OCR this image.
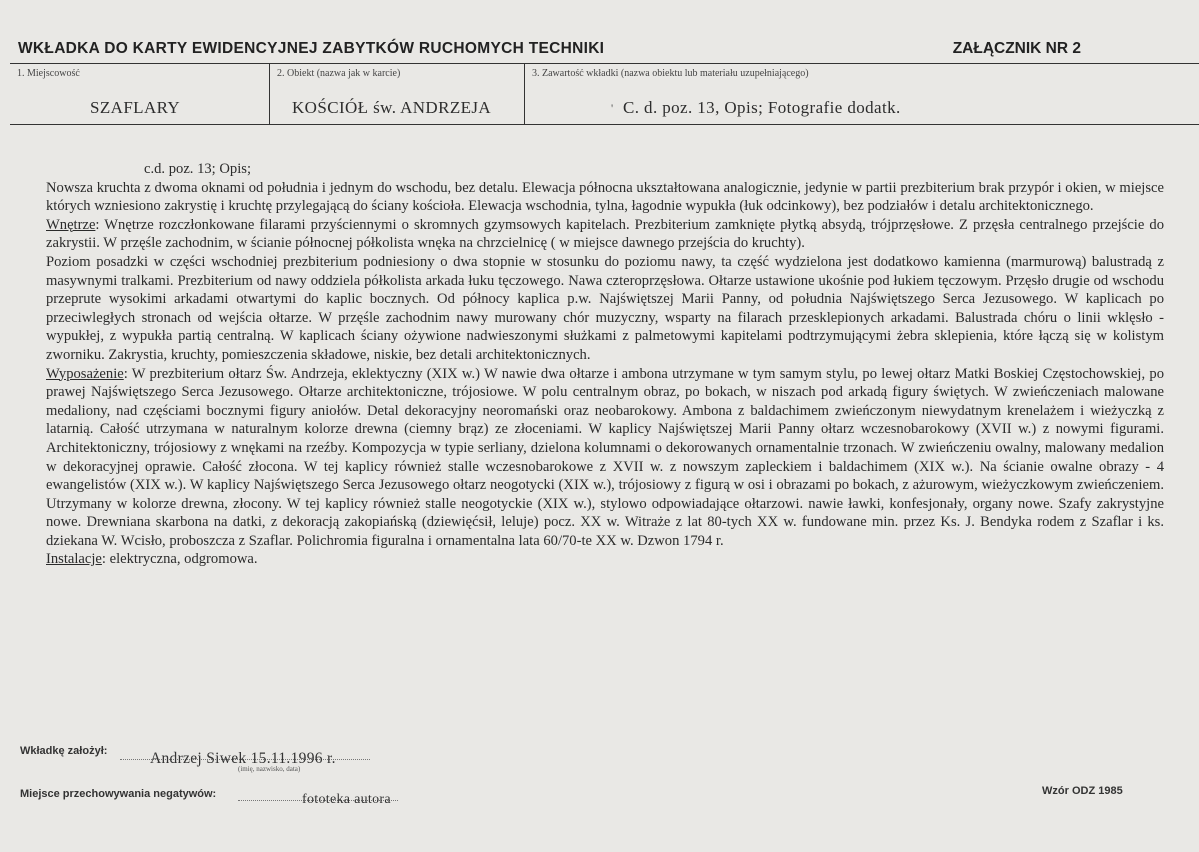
WKŁADKA DO KARTY EWIDENCYJNEJ ZABYTKÓW RUCHOMYCH TECHNIKI	ZAŁĄCZNIK NR 2
1. Miejscowość
SZAFLARY
2. Obiekt (nazwa jak w karcie)
KOŚCIÓŁ św. ANDRZEJA
3. Zawartość wkładki (nazwa obiektu lub materiału uzupełniającego)
' C. d. poz. 13, Opis; Fotografie dodatk.
c.d. poz. 13; Opis;
Nowsza kruchta z dwoma oknami od południa i jednym do wschodu, bez detalu. Elewacja północna ukształtowana analogicznie, jedynie w partii prezbiterium brak przypór i okien, w miejsce których wzniesiono zakrystię i kruchtę przylegającą do ściany kościoła. Elewacja wschodnia, tylna, łagodnie wypukła (łuk odcinkowy), bez podziałów i detalu architektonicznego.
Wnętrze: Wnętrze rozczłonkowane filarami przyściennymi o skromnych gzymsowych kapitelach. Prezbiterium zamknięte płytką absydą, trójprzęsłowe. Z przęsła centralnego przejście do zakrystii. W przęśle zachodnim, w ścianie północnej półkolista wnęka na chrzcielnicę ( w miejsce dawnego przejścia do kruchty).
Poziom posadzki w części wschodniej prezbiterium podniesiony o dwa stopnie w stosunku do poziomu nawy, ta część wydzielona jest dodatkowo kamienna (marmurową) balustradą z masywnymi tralkami. Prezbiterium od nawy oddziela półkolista arkada łuku tęczowego. Nawa czteroprzęsłowa. Ołtarze ustawione ukośnie pod łukiem tęczowym. Przęsło drugie od wschodu przeprute wysokimi arkadami otwartymi do kaplic bocznych. Od północy kaplica p.w. Najświętszej Marii Panny, od południa Najświętszego Serca Jezusowego. W kaplicach po przeciwległych stronach od wejścia ołtarze. W przęśle zachodnim nawy murowany chór muzyczny, wsparty na filarach przesklepionych arkadami. Balustrada chóru o linii wklęsło - wypukłej, z wypukła partią centralną. W kaplicach ściany ożywione nadwieszonymi służkami z palmetowymi kapitelami podtrzymującymi żebra sklepienia, które łączą się w kolistym zworniku. Zakrystia, kruchty, pomieszczenia składowe, niskie, bez detali architektonicznych.
Wyposażenie: W prezbiterium ołtarz Św. Andrzeja, eklektyczny (XIX w.) W nawie dwa ołtarze i ambona utrzymane w tym samym stylu, po lewej ołtarz Matki Boskiej Częstochowskiej, po prawej Najświętszego Serca Jezusowego. Ołtarze architektoniczne, trójosiowe. W polu centralnym obraz, po bokach, w niszach pod arkadą figury świętych. W zwieńczeniach malowane medaliony, nad częściami bocznymi figury aniołów. Detal dekoracyjny neoromański oraz neobarokowy. Ambona z baldachimem zwieńczonym niewydatnym krenelażem i wieżyczką z latarnią. Całość utrzymana w naturalnym kolorze drewna (ciemny brąz) ze złoceniami. W kaplicy Najświętszej Marii Panny ołtarz wczesnobarokowy (XVII w.) z nowymi figurami. Architektoniczny, trójosiowy z wnękami na rzeźby. Kompozycja w typie serliany, dzielona kolumnami o dekorowanych ornamentalnie trzonach. W zwieńczeniu owalny, malowany medalion w dekoracyjnej oprawie. Całość złocona. W tej kaplicy również stalle wczesnobarokowe z XVII w. z nowszym zapleckiem i baldachimem (XIX w.). Na ścianie owalne obrazy - 4 ewangelistów (XIX w.). W kaplicy Najświętszego Serca Jezusowego ołtarz neogotycki (XIX w.), trójosiowy z figurą w osi i obrazami po bokach, z ażurowym, wieżyczkowym zwieńczeniem. Utrzymany w kolorze drewna, złocony. W tej kaplicy również stalle neogotyckie (XIX w.), stylowo odpowiadające ołtarzowi. nawie ławki, konfesjonały, organy nowe. Szafy zakrystyjne nowe. Drewniana skarbona na datki, z dekoracją zakopiańską (dziewięćsił, leluje) pocz. XX w. Witraże z lat 80-tych XX w. fundowane min. przez Ks. J. Bendyka rodem z Szaflar i ks. dziekana W. Wcisło, proboszcza z Szaflar. Polichromia figuralna i ornamentalna lata 60/70-te XX w. Dzwon 1794 r.
Instalacje: elektryczna, odgromowa.
Wkładkę założył:	Andrzej Siwek 15.11.1996 r.
(imię, nazwisko, data)
Miejsce przechowywania negatywów:	fototeka autora
Wzór ODZ 1985
